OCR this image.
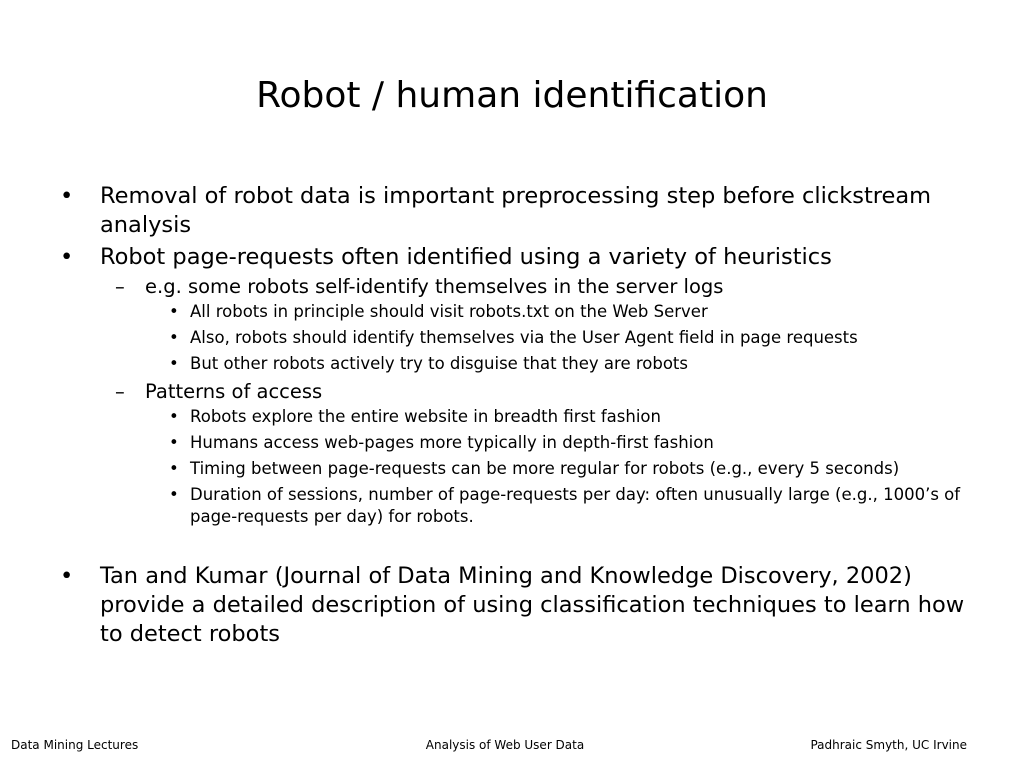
Robot / human identification
• Removal of robot data is important preprocessing step before clickstream analysis
• Robot page-requests often identified using a variety of heuristics
– e.g. some robots self-identify themselves in the server logs
• All robots in principle should visit robots.txt on the Web Server
• Also, robots should identify themselves via the User Agent field in page requests
• But other robots actively try to disguise that they are robots
– Patterns of access
• Robots explore the entire website in breadth first fashion
• Humans access web-pages more typically in depth-first fashion
• Timing between page-requests can be more regular for robots (e.g., every 5 seconds)
• Duration of sessions, number of page-requests per day: often unusually large (e.g., 1000’s of page-requests per day) for robots.
• Tan and Kumar (Journal of Data Mining and Knowledge Discovery, 2002) provide a detailed description of using classification techniques to learn how to detect robots
Data Mining Lectures	Analysis of Web User Data	Padhraic Smyth, UC Irvine
